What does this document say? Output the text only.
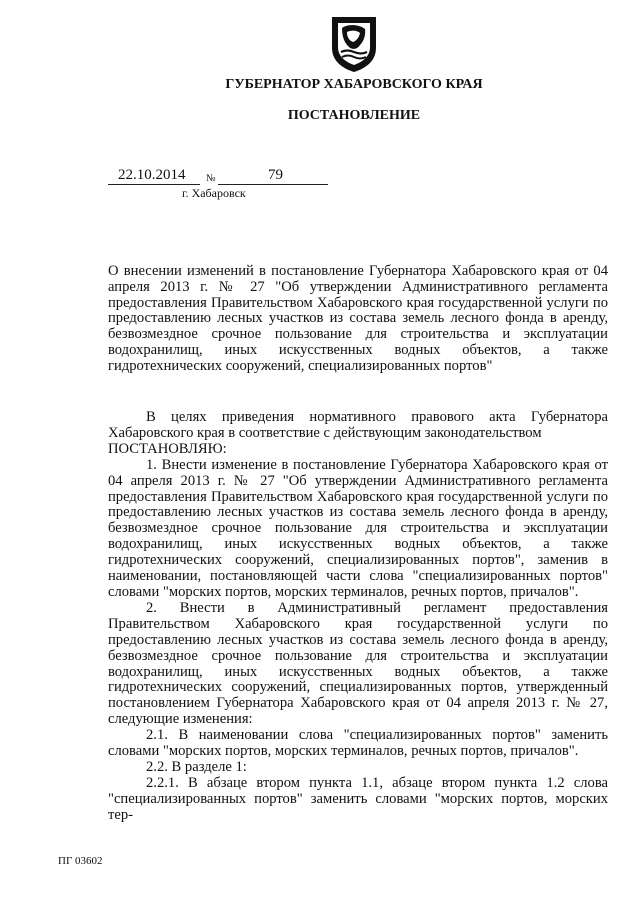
ГУБЕРНАТОР ХАБАРОВСКОГО КРАЯ
ПОСТАНОВЛЕНИЕ
22.10.2014 №	79
г. Хабаровск

О внесении изменений в постановление Губернатора Хабаровского края от 04 апреля 2013 г. № 27 "Об утверждении Административного регламента предоставления Правительством Хабаровского края государственной услуги по предоставлению лесных участков из состава земель лесного фонда в аренду, безвозмездное срочное пользование для строительства и эксплуатации водохранилищ, иных искусственных водных объектов, а также гидротехнических сооружений, специализированных портов"

В целях приведения нормативного правового акта Губернатора Хабаровского края в соответствие с действующим законодательством

ПОСТАНОВЛЯЮ:

1. Внести изменение в постановление Губернатора Хабаровского края от 04 апреля 2013 г. № 27 "Об утверждении Административного регламента предоставления Правительством Хабаровского края государственной услуги по предоставлению лесных участков из состава земель лесного фонда в аренду, безвозмездное срочное пользование для строительства и эксплуатации водохранилищ, иных искусственных водных объектов, а также гидротехнических сооружений, специализированных портов", заменив в наименовании, постановляющей части слова "специализированных портов" словами "морских портов, морских терминалов, речных портов, причалов".

2. Внести в Административный регламент предоставления Правительством Хабаровского края государственной услуги по предоставлению лесных участков из состава земель лесного фонда в аренду, безвозмездное срочное пользование для строительства и эксплуатации водохранилищ, иных искусственных водных объектов, а также гидротехнических сооружений, специализированных портов, утвержденный постановлением Губернатора Хабаровского края от 04 апреля 2013 г. № 27, следующие изменения:

2.1. В наименовании слова "специализированных портов" заменить словами "морских портов, морских терминалов, речных портов, причалов".

2.2. В разделе 1:

2.2.1. В абзаце втором пункта 1.1, абзаце втором пункта 1.2 слова "специализированных портов" заменить словами "морских портов, морских тер-

ПГ 03602
